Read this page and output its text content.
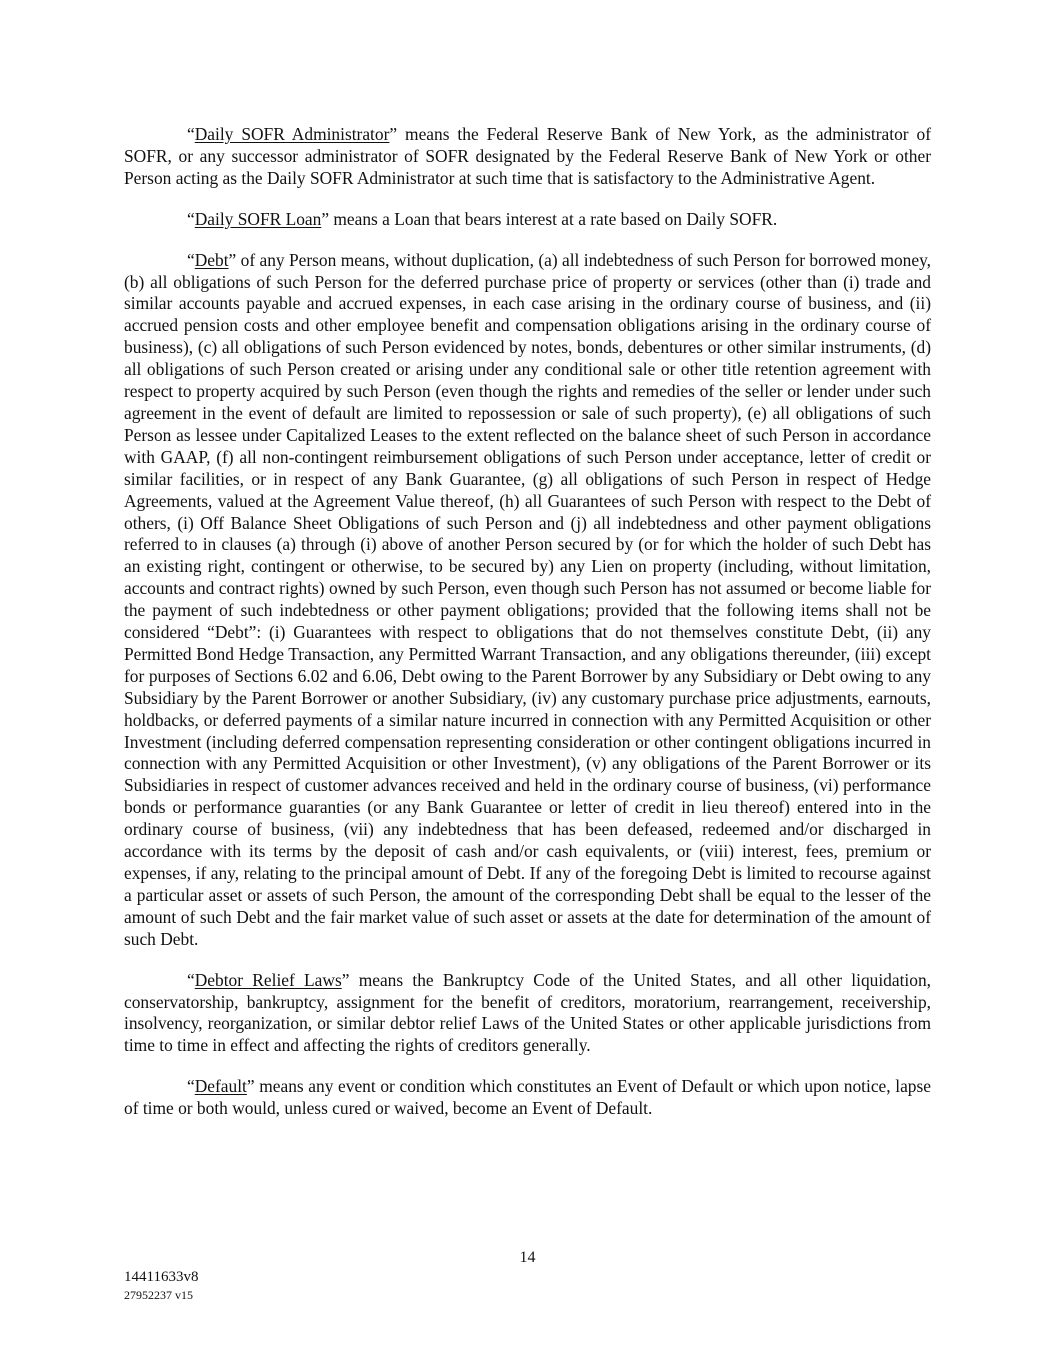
“Daily SOFR Administrator” means the Federal Reserve Bank of New York, as the administrator of SOFR, or any successor administrator of SOFR designated by the Federal Reserve Bank of New York or other Person acting as the Daily SOFR Administrator at such time that is satisfactory to the Administrative Agent.

“Daily SOFR Loan” means a Loan that bears interest at a rate based on Daily SOFR.

“Debt” of any Person means, without duplication, (a) all indebtedness of such Person for borrowed money, (b) all obligations of such Person for the deferred purchase price of property or services (other than (i) trade and similar accounts payable and accrued expenses, in each case arising in the ordinary course of business, and (ii) accrued pension costs and other employee benefit and compensation obligations arising in the ordinary course of business), (c) all obligations of such Person evidenced by notes, bonds, debentures or other similar instruments, (d) all obligations of such Person created or arising under any conditional sale or other title retention agreement with respect to property acquired by such Person (even though the rights and remedies of the seller or lender under such agreement in the event of default are limited to repossession or sale of such property), (e) all obligations of such Person as lessee under Capitalized Leases to the extent reflected on the balance sheet of such Person in accordance with GAAP, (f) all non-contingent reimbursement obligations of such Person under acceptance, letter of credit or similar facilities, or in respect of any Bank Guarantee, (g) all obligations of such Person in respect of Hedge Agreements, valued at the Agreement Value thereof, (h) all Guarantees of such Person with respect to the Debt of others, (i) Off Balance Sheet Obligations of such Person and (j) all indebtedness and other payment obligations referred to in clauses (a) through (i) above of another Person secured by (or for which the holder of such Debt has an existing right, contingent or otherwise, to be secured by) any Lien on property (including, without limitation, accounts and contract rights) owned by such Person, even though such Person has not assumed or become liable for the payment of such indebtedness or other payment obligations; provided that the following items shall not be considered “Debt”: (i) Guarantees with respect to obligations that do not themselves constitute Debt, (ii) any Permitted Bond Hedge Transaction, any Permitted Warrant Transaction, and any obligations thereunder, (iii) except for purposes of Sections 6.02 and 6.06, Debt owing to the Parent Borrower by any Subsidiary or Debt owing to any Subsidiary by the Parent Borrower or another Subsidiary, (iv) any customary purchase price adjustments, earnouts, holdbacks, or deferred payments of a similar nature incurred in connection with any Permitted Acquisition or other Investment (including deferred compensation representing consideration or other contingent obligations incurred in connection with any Permitted Acquisition or other Investment), (v) any obligations of the Parent Borrower or its Subsidiaries in respect of customer advances received and held in the ordinary course of business, (vi) performance bonds or performance guaranties (or any Bank Guarantee or letter of credit in lieu thereof) entered into in the ordinary course of business, (vii) any indebtedness that has been defeased, redeemed and/or discharged in accordance with its terms by the deposit of cash and/or cash equivalents, or (viii) interest, fees, premium or expenses, if any, relating to the principal amount of Debt. If any of the foregoing Debt is limited to recourse against a particular asset or assets of such Person, the amount of the corresponding Debt shall be equal to the lesser of the amount of such Debt and the fair market value of such asset or assets at the date for determination of the amount of such Debt.

“Debtor Relief Laws” means the Bankruptcy Code of the United States, and all other liquidation, conservatorship, bankruptcy, assignment for the benefit of creditors, moratorium, rearrangement, receivership, insolvency, reorganization, or similar debtor relief Laws of the United States or other applicable jurisdictions from time to time in effect and affecting the rights of creditors generally.

“Default” means any event or condition which constitutes an Event of Default or which upon notice, lapse of time or both would, unless cured or waived, become an Event of Default.

14
14411633v8
27952237 v15
